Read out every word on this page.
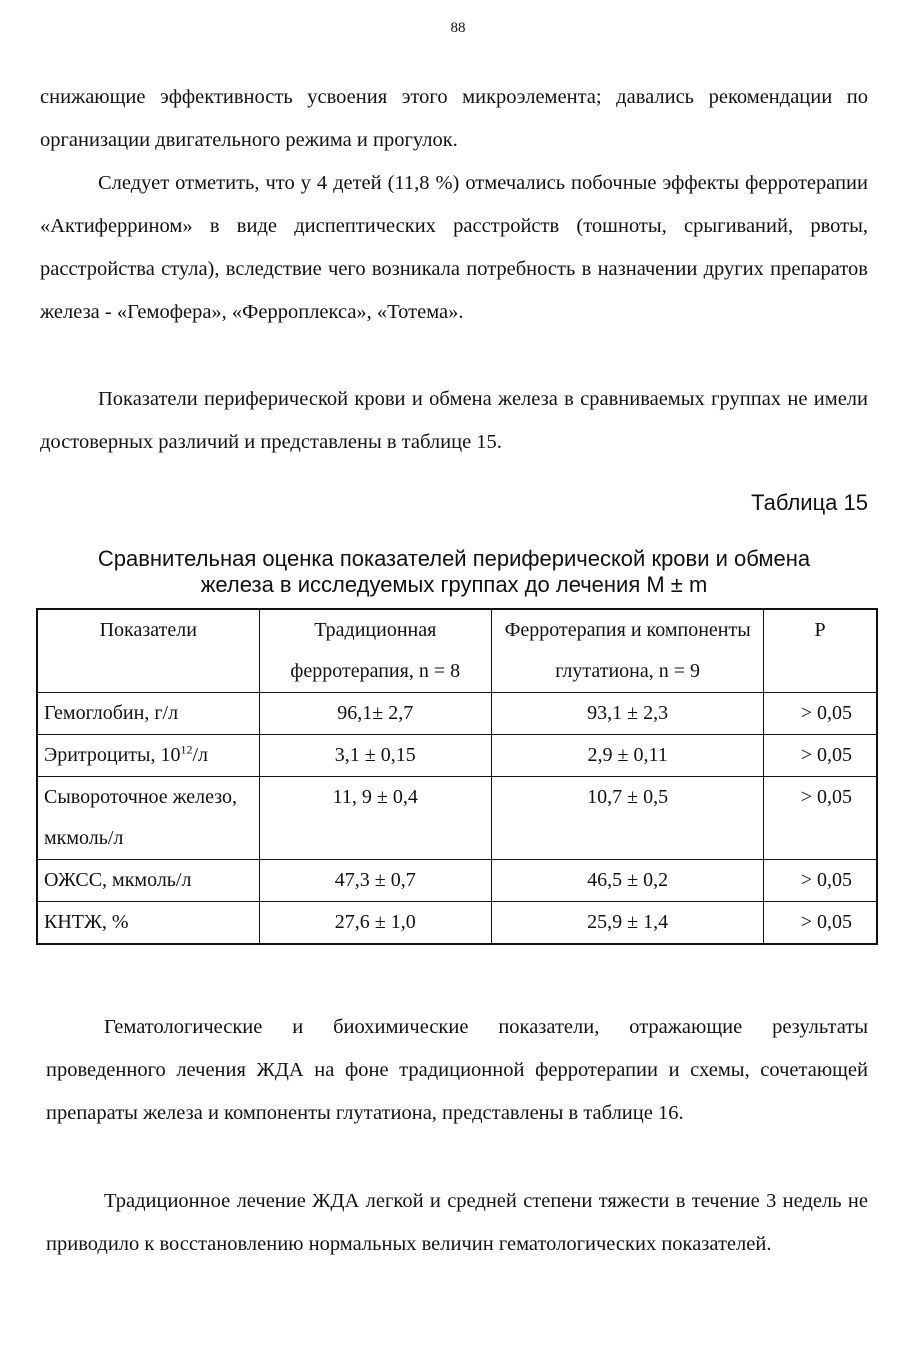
88

снижающие эффективность усвоения этого микроэлемента; давались рекомендации по организации двигательного режима и прогулок.

Следует отметить, что у 4 детей (11,8 %) отмечались побочные эффекты ферротерапии «Актиферрином» в виде диспептических расстройств (тошноты, срыгиваний, рвоты, расстройства стула), вследствие чего возникала потребность в назначении других препаратов железа - «Гемофера», «Ферроплекса», «Тотема».

Показатели периферической крови и обмена железа в сравниваемых группах не имели достоверных различий и представлены в таблице 15.

Таблица 15
Сравнительная оценка показателей периферической крови и обмена
железа в исследуемых группах до лечения М ± m
Показатели	Традиционная ферротерапия, n = 8	Ферротерапия и компоненты глутатиона, n = 9	P
Гемоглобин, г/л	96,1± 2,7	93,1 ± 2,3	> 0,05
Эритроциты, $10^{12}/л$	3,1 ± 0,15	2,9 ± 0,11	> 0,05
Сывороточное железо, мкмоль/л	11, 9 ± 0,4	10,7 ± 0,5	> 0,05
ОЖСС, мкмоль/л	47,3 ± 0,7	46,5 ± 0,2	> 0,05
КНТЖ, %	27,6 ± 1,0	25,9 ± 1,4	> 0,05

Гематологические и биохимические показатели, отражающие результаты проведенного лечения ЖДА на фоне традиционной ферротерапии и схемы, сочетающей препараты железа и компоненты глутатиона, представлены в таблице 16.

Традиционное лечение ЖДА легкой и средней степени тяжести в течение 3 недель не приводило к восстановлению нормальных величин гематологических показателей.
